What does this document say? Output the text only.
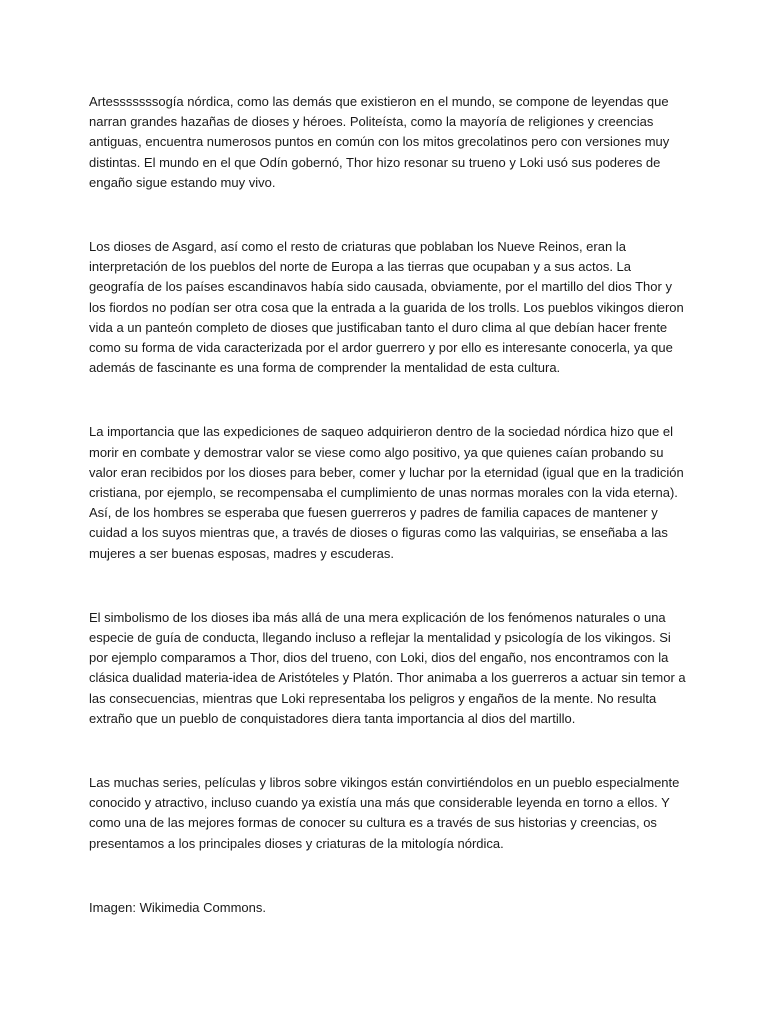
Artesssssssogía nórdica, como las demás que existieron en el mundo, se compone de leyendas que narran grandes hazañas de dioses y héroes. Politeísta, como la mayoría de religiones y creencias antiguas, encuentra numerosos puntos en común con los mitos grecolatinos pero con versiones muy distintas. El mundo en el que Odín gobernó, Thor hizo resonar su trueno y Loki usó sus poderes de engaño sigue estando muy vivo.

Los dioses de Asgard, así como el resto de criaturas que poblaban los Nueve Reinos, eran la interpretación de los pueblos del norte de Europa a las tierras que ocupaban y a sus actos. La geografía de los países escandinavos había sido causada, obviamente, por el martillo del dios Thor y los fiordos no podían ser otra cosa que la entrada a la guarida de los trolls. Los pueblos vikingos dieron vida a un panteón completo de dioses que justificaban tanto el duro clima al que debían hacer frente como su forma de vida caracterizada por el ardor guerrero y por ello es interesante conocerla, ya que además de fascinante es una forma de comprender la mentalidad de esta cultura.

La importancia que las expediciones de saqueo adquirieron dentro de la sociedad nórdica hizo que el morir en combate y demostrar valor se viese como algo positivo, ya que quienes caían probando su valor eran recibidos por los dioses para beber, comer y luchar por la eternidad (igual que en la tradición cristiana, por ejemplo, se recompensaba el cumplimiento de unas normas morales con la vida eterna). Así, de los hombres se esperaba que fuesen guerreros y padres de familia capaces de mantener y cuidad a los suyos mientras que, a través de dioses o figuras como las valquirias, se enseñaba a las mujeres a ser buenas esposas, madres y escuderas.

El simbolismo de los dioses iba más allá de una mera explicación de los fenómenos naturales o una especie de guía de conducta, llegando incluso a reflejar la mentalidad y psicología de los vikingos. Si por ejemplo comparamos a Thor, dios del trueno, con Loki, dios del engaño, nos encontramos con la clásica dualidad materia-idea de Aristóteles y Platón. Thor animaba a los guerreros a actuar sin temor a las consecuencias, mientras que Loki representaba los peligros y engaños de la mente. No resulta extraño que un pueblo de conquistadores diera tanta importancia al dios del martillo.

Las muchas series, películas y libros sobre vikingos están convirtiéndolos en un pueblo especialmente conocido y atractivo, incluso cuando ya existía una más que considerable leyenda en torno a ellos. Y como una de las mejores formas de conocer su cultura es a través de sus historias y creencias, os presentamos a los principales dioses y criaturas de la mitología nórdica.

Imagen: Wikimedia Commons.
